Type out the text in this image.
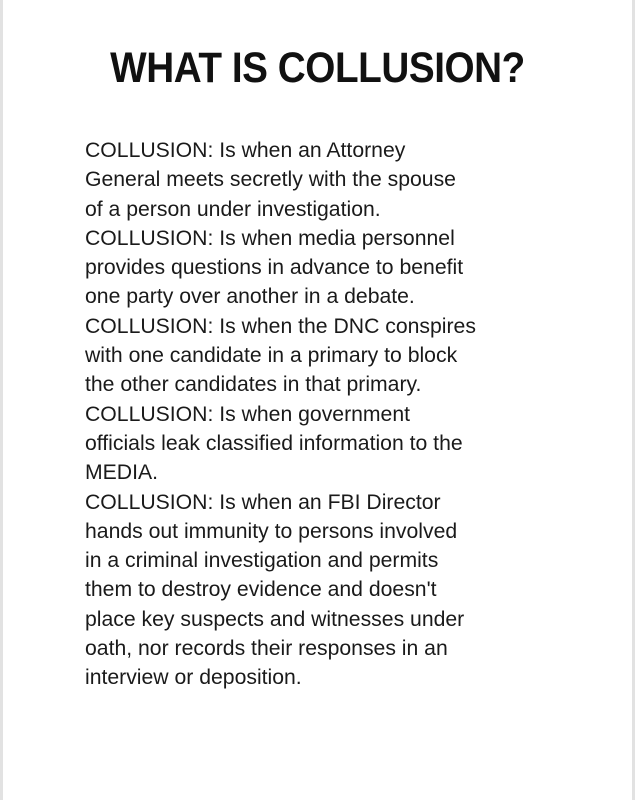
WHAT IS COLLUSION?
COLLUSION: Is when an Attorney
General meets secretly with the spouse
of a person under investigation.
COLLUSION: Is when media personnel
provides questions in advance to benefit
one party over another in a debate.
COLLUSION: Is when the DNC conspires
with one candidate in a primary to block
the other candidates in that primary.
COLLUSION: Is when government
officials leak classified information to the
MEDIA.
COLLUSION: Is when an FBI Director
hands out immunity to persons involved
in a criminal investigation and permits
them to destroy evidence and doesn't
place key suspects and witnesses under
oath, nor records their responses in an
interview or deposition.
